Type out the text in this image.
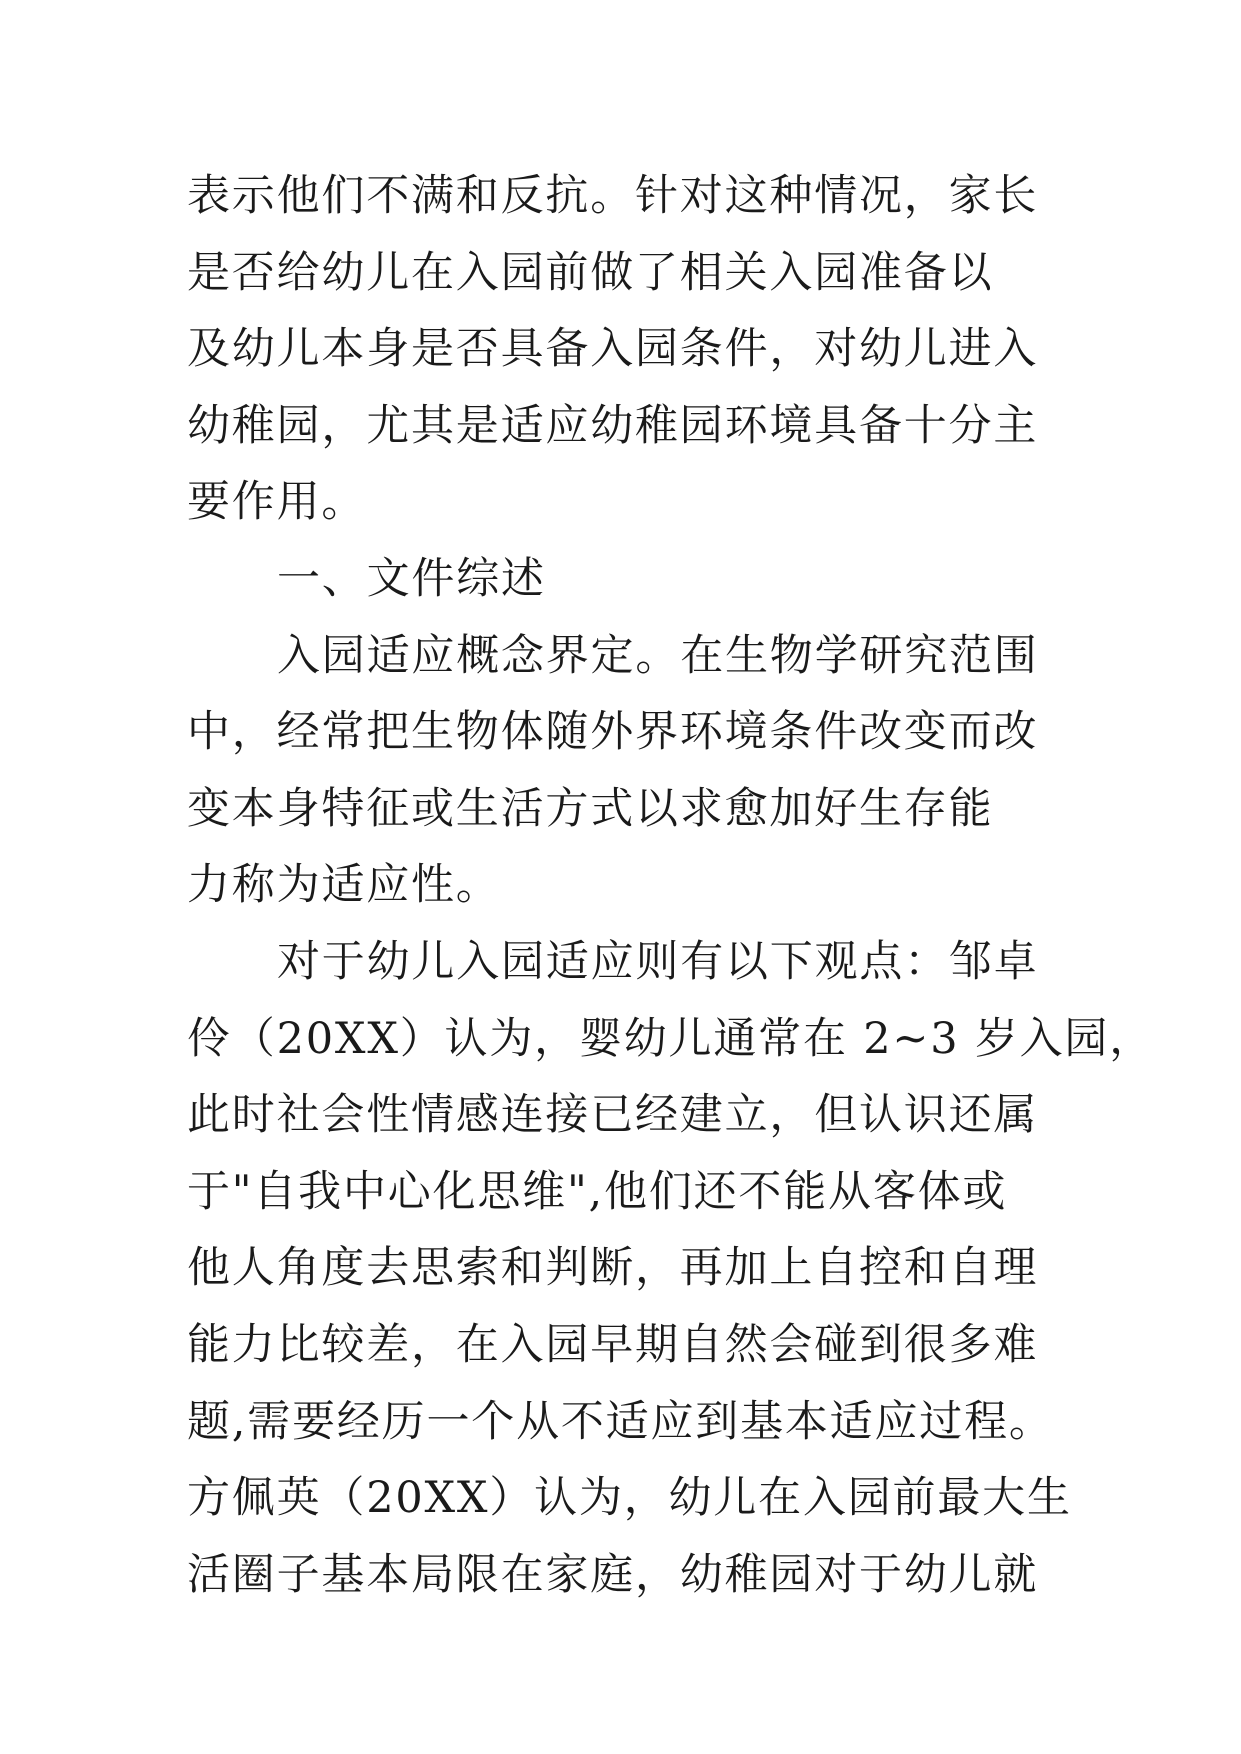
表示他们不满和反抗。针对这种情况，家长
是否给幼儿在入园前做了相关入园准备以
及幼儿本身是否具备入园条件，对幼儿进入
幼稚园，尤其是适应幼稚园环境具备十分主
要作用。
一、文件综述
入园适应概念界定。在生物学研究范围
中，经常把生物体随外界环境条件改变而改
变本身特征或生活方式以求愈加好生存能
力称为适应性。
对于幼儿入园适应则有以下观点：邹卓
伶（20XX）认为，婴幼儿通常在 2~3 岁入园，
此时社会性情感连接已经建立，但认识还属
于"自我中心化思维",他们还不能从客体或
他人角度去思索和判断，再加上自控和自理
能力比较差，在入园早期自然会碰到很多难
题,需要经历一个从不适应到基本适应过程。
方佩英（20XX）认为，幼儿在入园前最大生
活圈子基本局限在家庭，幼稚园对于幼儿就
